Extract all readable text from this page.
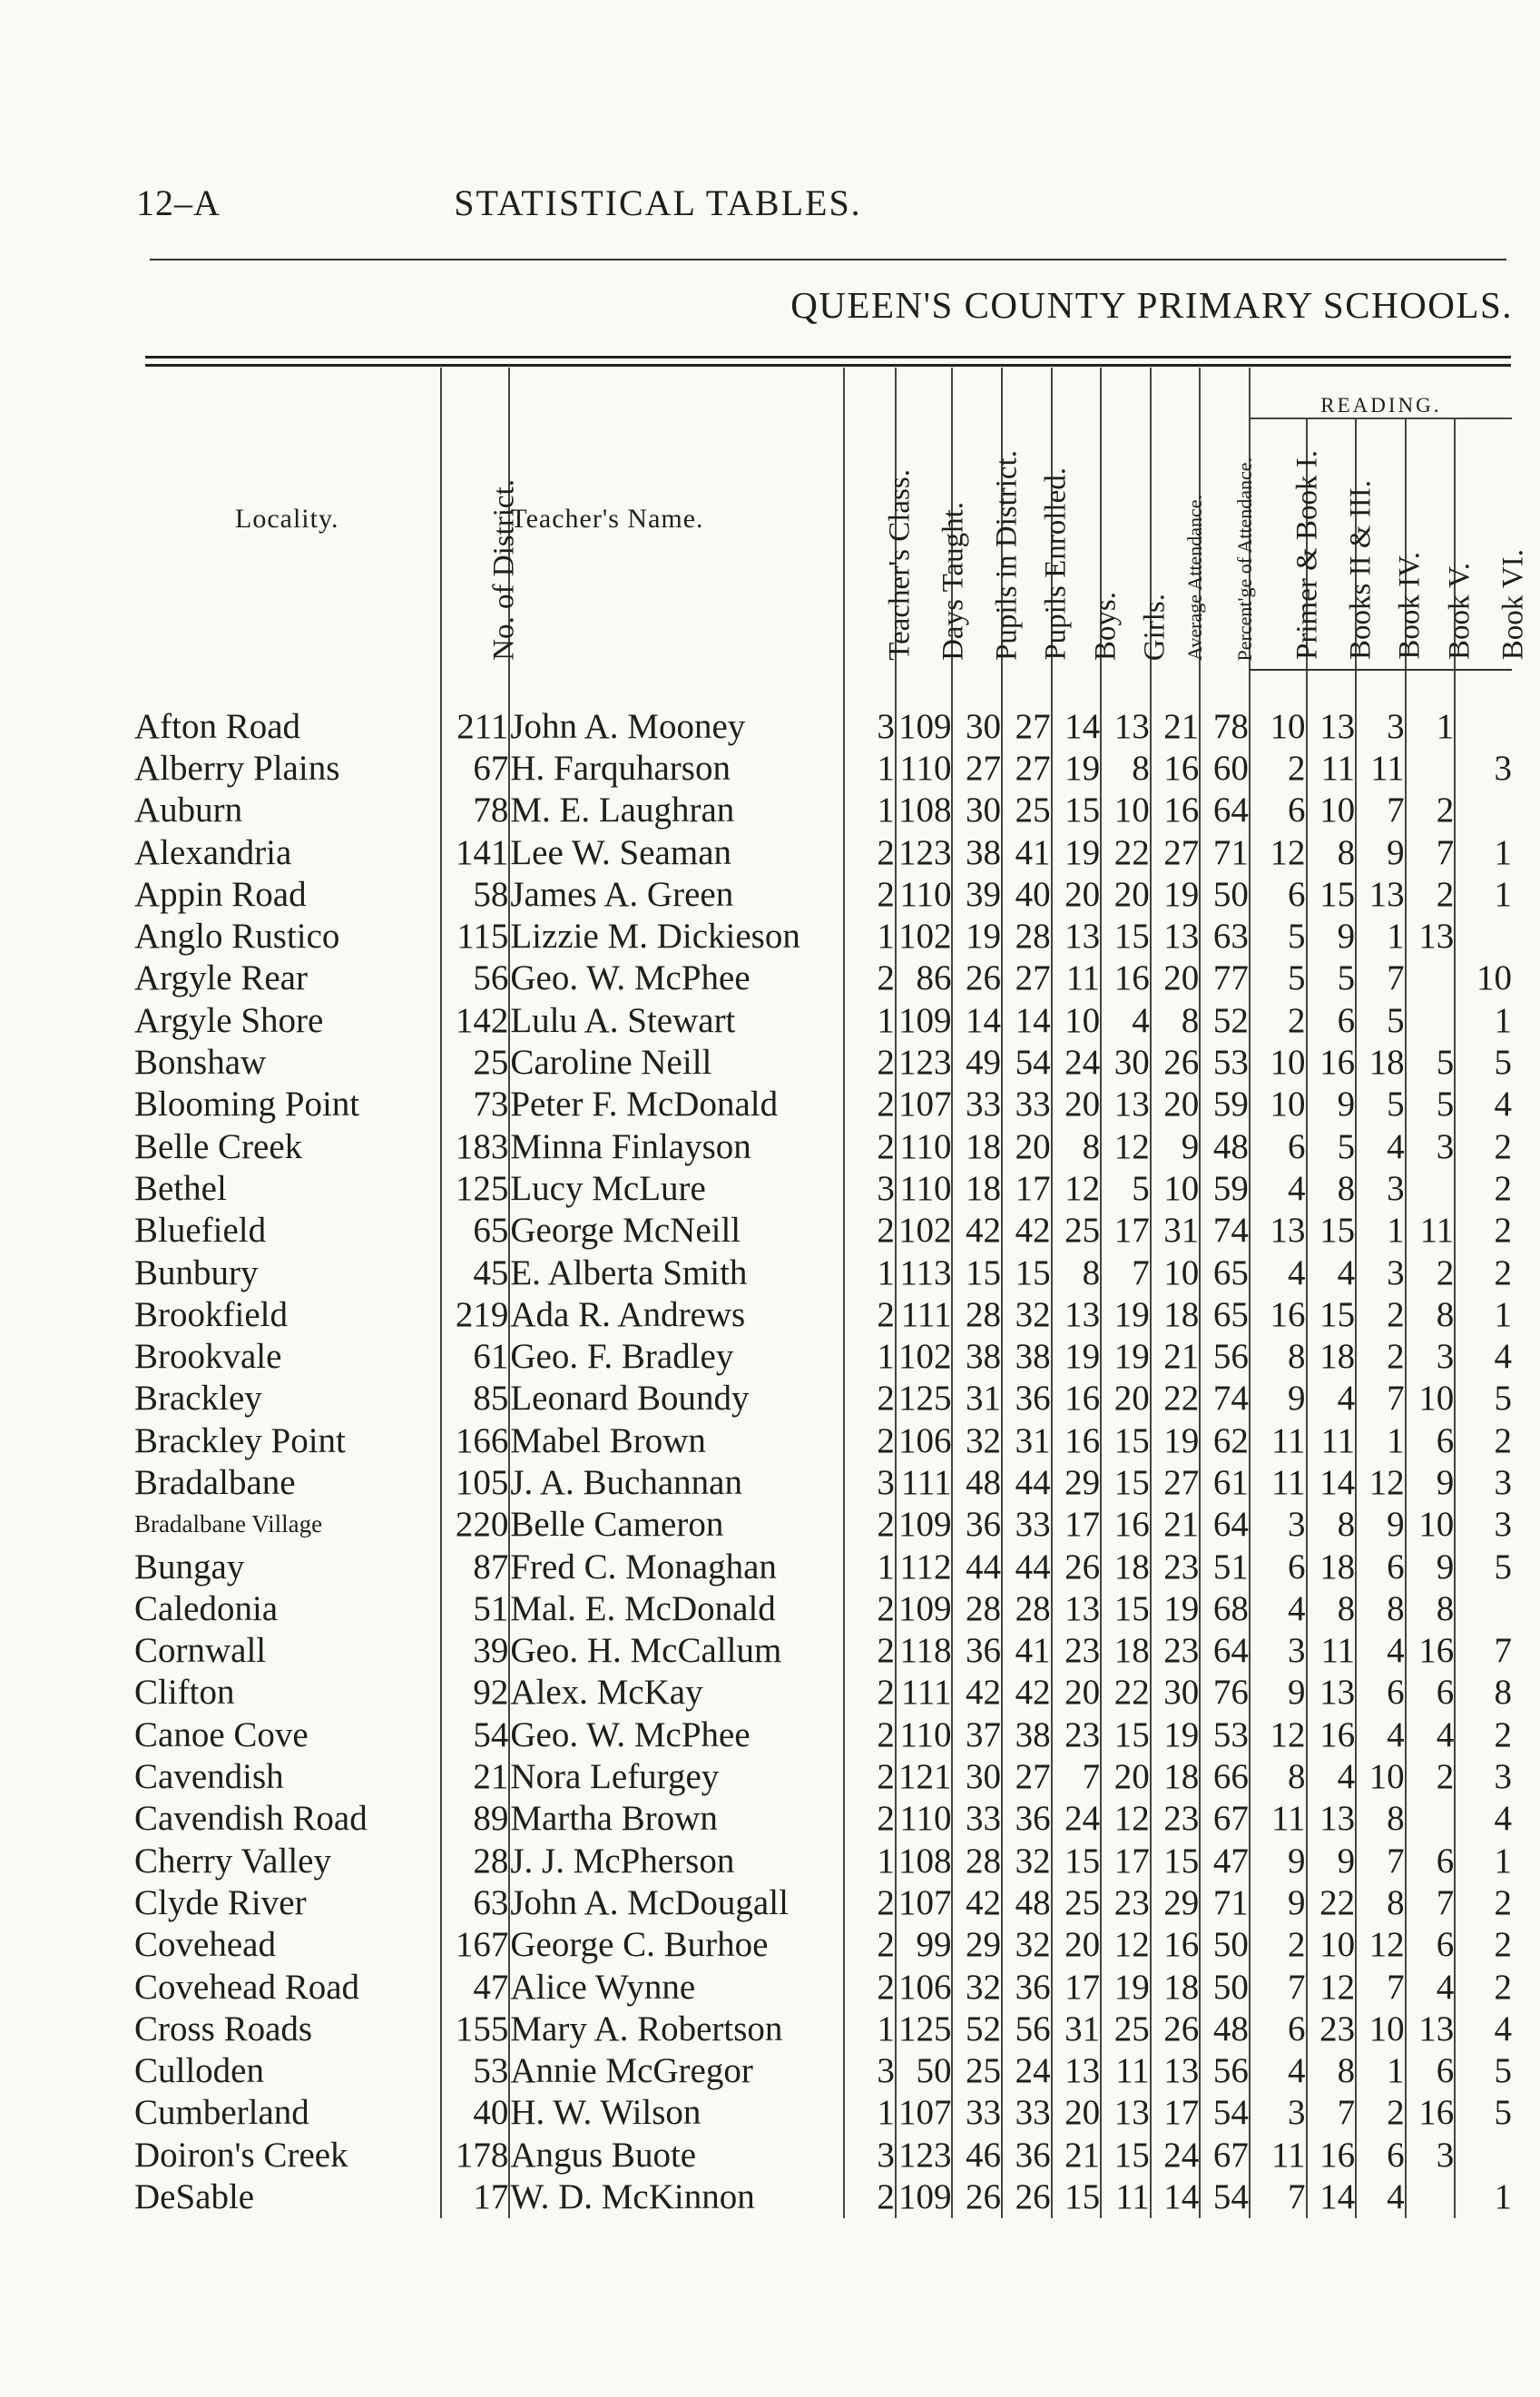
12–A	STATISTICAL TABLES.
QUEEN'S COUNTY PRIMARY SCHOOLS.
Locality.	No. of District.	Teacher's Name.	Teacher's Class.	Days Taught.	Pupils in District.	Pupils Enrolled.	Boys.	Girls.	Average Attendance.	Percent'ge of Attendance.	READING.				

											Primer & Book I.	Books II & III.	Book IV.	Book V.	Book VI.

Afton Road	211	John A. Mooney	3	109	30	27	14	13	21	78	10	13	3	1	
Alberry Plains	67	H. Farquharson	1	110	27	27	19	8	16	60	2	11	11		3
Auburn	78	M. E. Laughran	1	108	30	25	15	10	16	64	6	10	7	2	
Alexandria	141	Lee W. Seaman	2	123	38	41	19	22	27	71	12	8	9	7	1
Appin Road	58	James A. Green	2	110	39	40	20	20	19	50	6	15	13	2	1
Anglo Rustico	115	Lizzie M. Dickieson	1	102	19	28	13	15	13	63	5	9	1	13	
Argyle Rear	56	Geo. W. McPhee	2	86	26	27	11	16	20	77	5	5	7		10
Argyle Shore	142	Lulu A. Stewart	1	109	14	14	10	4	8	52	2	6	5		1
Bonshaw	25	Caroline Neill	2	123	49	54	24	30	26	53	10	16	18	5	5
Blooming Point	73	Peter F. McDonald	2	107	33	33	20	13	20	59	10	9	5	5	4
Belle Creek	183	Minna Finlayson	2	110	18	20	8	12	9	48	6	5	4	3	2
Bethel	125	Lucy McLure	3	110	18	17	12	5	10	59	4	8	3		2
Bluefield	65	George McNeill	2	102	42	42	25	17	31	74	13	15	1	11	2
Bunbury	45	E. Alberta Smith	1	113	15	15	8	7	10	65	4	4	3	2	2
Brookfield	219	Ada R. Andrews	2	111	28	32	13	19	18	65	16	15	2	8	1
Brookvale	61	Geo. F. Bradley	1	102	38	38	19	19	21	56	8	18	2	3	4
Brackley	85	Leonard Boundy	2	125	31	36	16	20	22	74	9	4	7	10	5
Brackley Point	166	Mabel Brown	2	106	32	31	16	15	19	62	11	11	1	6	2
Bradalbane	105	J. A. Buchannan	3	111	48	44	29	15	27	61	11	14	12	9	3
Bradalbane Village	220	Belle Cameron	2	109	36	33	17	16	21	64	3	8	9	10	3
Bungay	87	Fred C. Monaghan	1	112	44	44	26	18	23	51	6	18	6	9	5
Caledonia	51	Mal. E. McDonald	2	109	28	28	13	15	19	68	4	8	8	8	
Cornwall	39	Geo. H. McCallum	2	118	36	41	23	18	23	64	3	11	4	16	7
Clifton	92	Alex. McKay	2	111	42	42	20	22	30	76	9	13	6	6	8
Canoe Cove	54	Geo. W. McPhee	2	110	37	38	23	15	19	53	12	16	4	4	2
Cavendish	21	Nora Lefurgey	2	121	30	27	7	20	18	66	8	4	10	2	3
Cavendish Road	89	Martha Brown	2	110	33	36	24	12	23	67	11	13	8		4
Cherry Valley	28	J. J. McPherson	1	108	28	32	15	17	15	47	9	9	7	6	1
Clyde River	63	John A. McDougall	2	107	42	48	25	23	29	71	9	22	8	7	2
Covehead	167	George C. Burhoe	2	99	29	32	20	12	16	50	2	10	12	6	2
Covehead Road	47	Alice Wynne	2	106	32	36	17	19	18	50	7	12	7	4	2
Cross Roads	155	Mary A. Robertson	1	125	52	56	31	25	26	48	6	23	10	13	4
Culloden	53	Annie McGregor	3	50	25	24	13	11	13	56	4	8	1	6	5
Cumberland	40	H. W. Wilson	1	107	33	33	20	13	17	54	3	7	2	16	5
Doiron's Creek	178	Angus Buote	3	123	46	36	21	15	24	67	11	16	6	3	
DeSable	17	W. D. McKinnon	2	109	26	26	15	11	14	54	7	14	4		1
